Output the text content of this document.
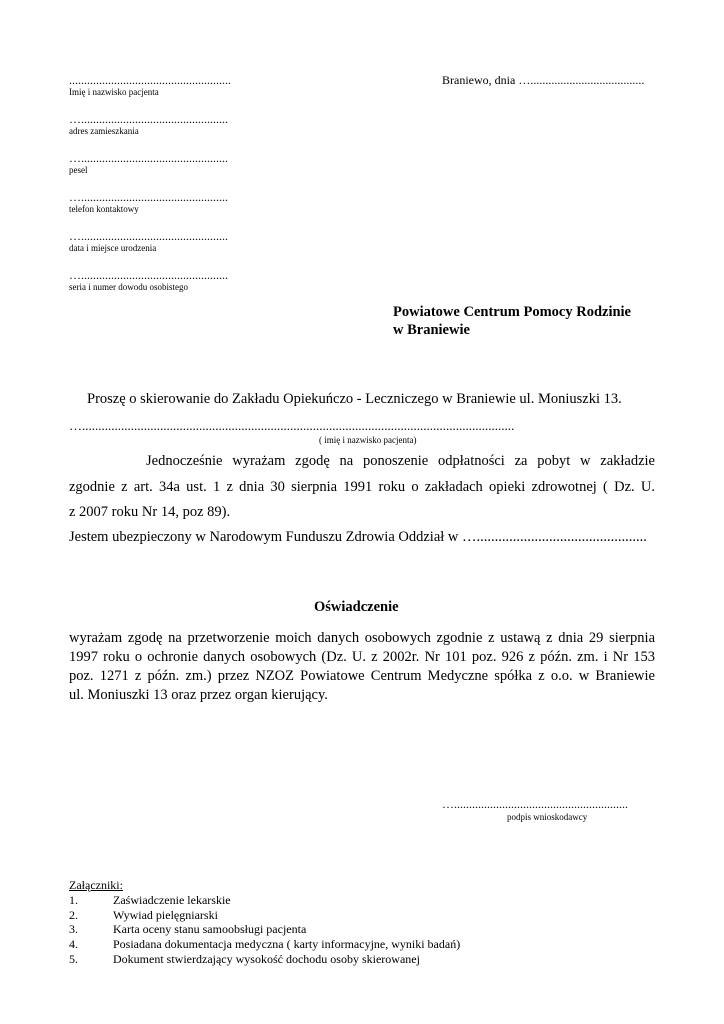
......................................................
Imię i nazwisko pacjenta
….................................................
adres zamieszkania
….................................................
pesel
….................................................
telefon kontaktowy
….................................................
data i miejsce urodzenia
….................................................
seria i numer dowodu osobistego
Braniewo, dnia …......................................
Powiatowe Centrum Pomocy Rodzinie
w Braniewie
Proszę o skierowanie do Zakładu Opiekuńczo - Leczniczego w Braniewie ul. Moniuszki 13.
….....................................................................................................................................
( imię i nazwisko pacjenta)
Jednocześnie wyrażam zgodę na ponoszenie odpłatności za pobyt w zakładzie
zgodnie z art. 34a ust. 1 z dnia 30 sierpnia 1991 roku o zakładach opieki zdrowotnej ( Dz. U.
z 2007 roku Nr 14, poz 89).
Jestem ubezpieczony w Narodowym Funduszu Zdrowia Oddział w …...............................................
Oświadczenie
wyrażam zgodę na przetworzenie moich danych osobowych zgodnie z ustawą z dnia 29 sierpnia
1997 roku o ochronie danych osobowych (Dz. U. z 2002r. Nr 101 poz. 926 z późn. zm. i Nr 153
poz. 1271 z późn. zm.) przez NZOZ Powiatowe Centrum Medyczne spółka z o.o. w Braniewie
ul. Moniuszki 13 oraz przez organ kierujący.
…..........................................................
podpis wnioskodawcy
Załączniki:
1.	Zaświadczenie lekarskie
2.	Wywiad pielęgniarski
3.	Karta oceny stanu samoobsługi pacjenta
4.	Posiadana dokumentacja medyczna ( karty informacyjne, wyniki badań)
5.	Dokument stwierdzający wysokość dochodu osoby skierowanej
